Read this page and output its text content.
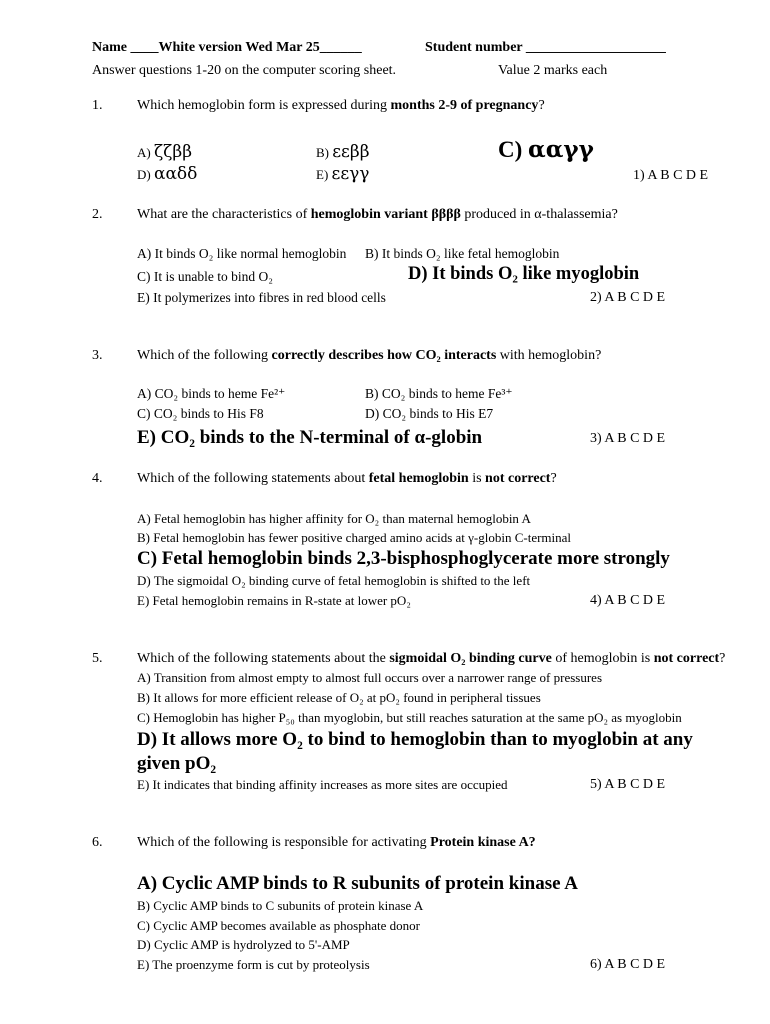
Name ____White version Wed Mar 25______	Student number ____________________
Answer questions 1-20 on the computer scoring sheet.	Value 2 marks each
1. Which hemoglobin form is expressed during months 2-9 of pregnancy?
A) ζζββ	B) εεββ	C) ααγγ
D) ααδδ	E) εεγγ	1) A B C D E
2. What are the characteristics of hemoglobin variant ββββ produced in α-thalassemia?
A) It binds O₂ like normal hemoglobin B) It binds O₂ like fetal hemoglobin
C) It is unable to bind O₂	D) It binds O₂ like myoglobin
E) It polymerizes into fibres in red blood cells	2) A B C D E
3. Which of the following correctly describes how CO₂ interacts with hemoglobin?
A) CO₂ binds to heme Fe²⁺	B) CO₂ binds to heme Fe³⁺
C) CO₂ binds to His F8	D) CO₂ binds to His E7
E) CO₂ binds to the N-terminal of α-globin	3) A B C D E
4. Which of the following statements about fetal hemoglobin is not correct?
A) Fetal hemoglobin has higher affinity for O₂ than maternal hemoglobin A
B) Fetal hemoglobin has fewer positive charged amino acids at γ-globin C-terminal
C) Fetal hemoglobin binds 2,3-bisphosphoglycerate more strongly
D) The sigmoidal O₂ binding curve of fetal hemoglobin is shifted to the left
E) Fetal hemoglobin remains in R-state at lower pO₂	4) A B C D E
5. Which of the following statements about the sigmoidal O₂ binding curve of hemoglobin is not correct?
A) Transition from almost empty to almost full occurs over a narrower range of pressures
B) It allows for more efficient release of O₂ at pO₂ found in peripheral tissues
C) Hemoglobin has higher P₅₀ than myoglobin, but still reaches saturation at the same pO₂ as myoglobin
D) It allows more O₂ to bind to hemoglobin than to myoglobin at any
given pO₂
E) It indicates that binding affinity increases as more sites are occupied	5) A B C D E
6. Which of the following is responsible for activating Protein kinase A?
A) Cyclic AMP binds to R subunits of protein kinase A
B) Cyclic AMP binds to C subunits of protein kinase A
C) Cyclic AMP becomes available as phosphate donor
D) Cyclic AMP is hydrolyzed to 5'-AMP
E) The proenzyme form is cut by proteolysis	6) A B C D E
